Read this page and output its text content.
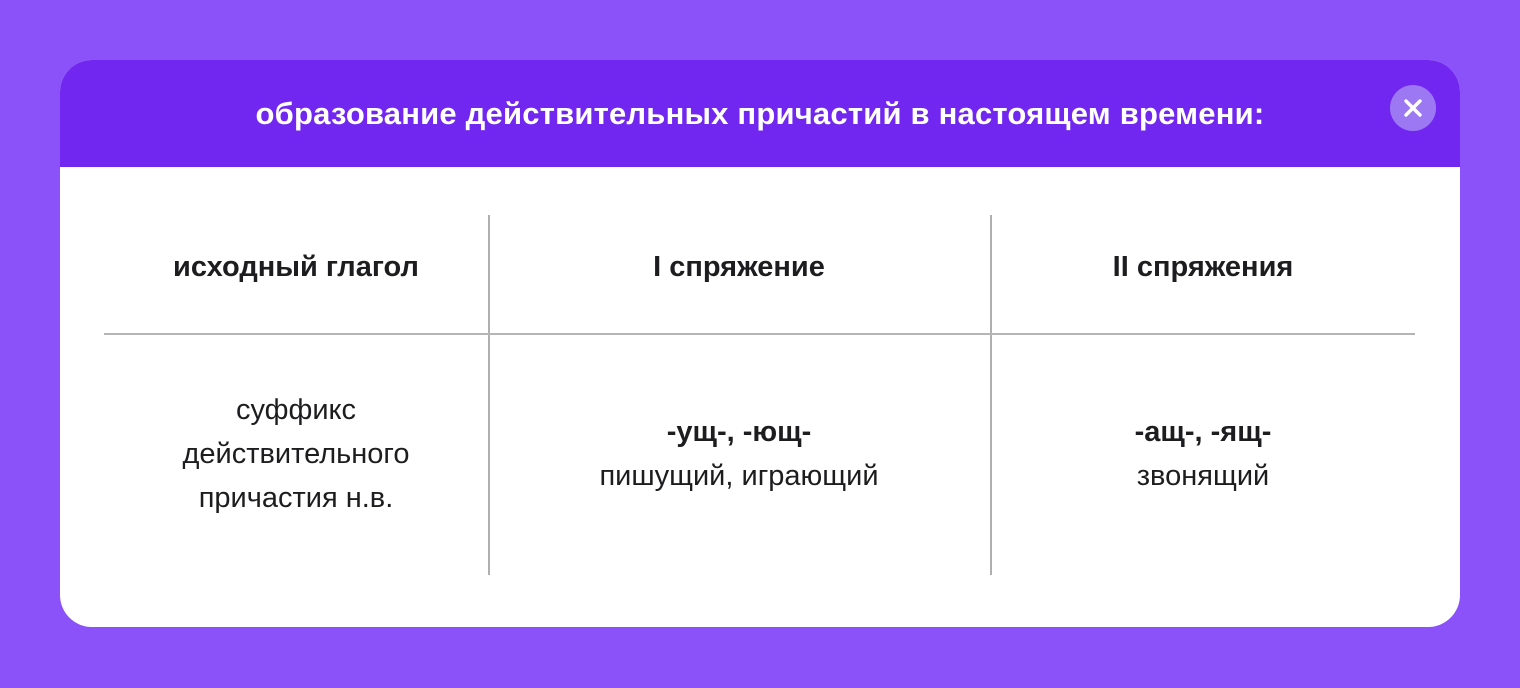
образование действительных причастий в настоящем времени:
исходный глагол	I спряжение	II спряжения
суффикс
действительного
причастия н.в.
-ущ-, -ющ-
пишущий, играющий
-ащ-, -ящ-
звонящий
